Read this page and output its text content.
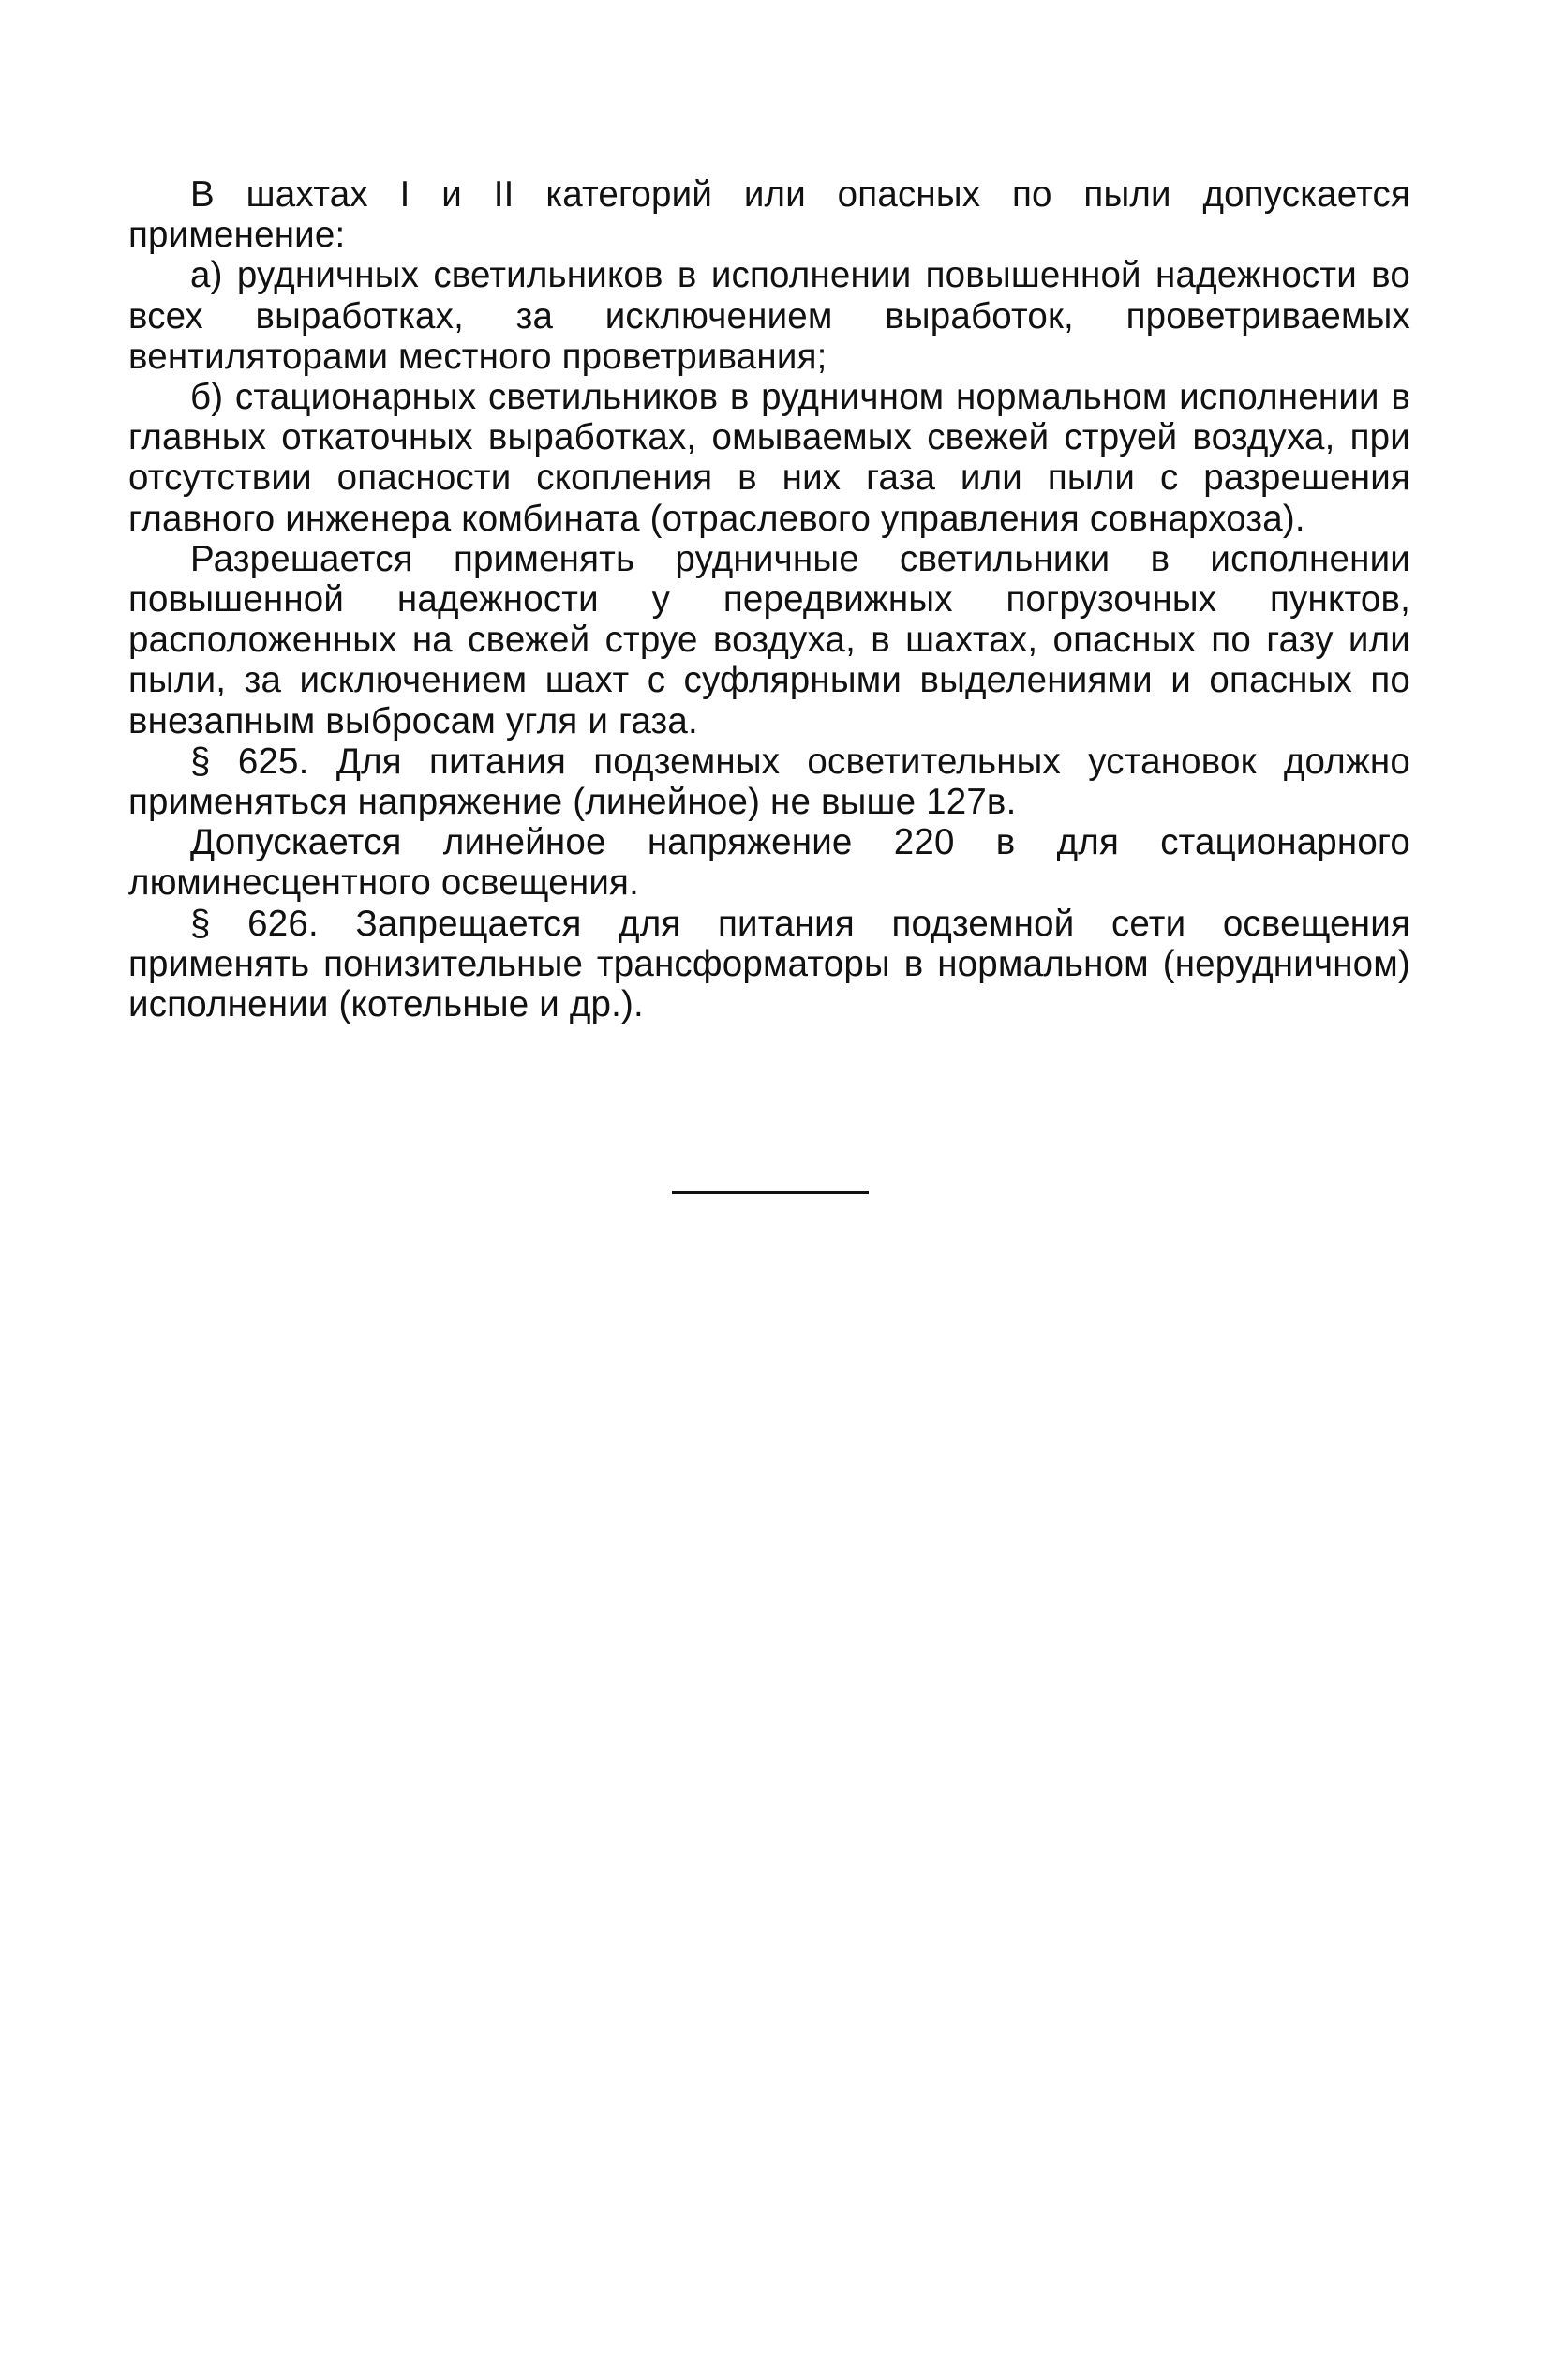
В шахтах I и II категорий или опасных по пыли допускается применение:

а) рудничных светильников в исполнении повышенной надежности во всех выработках, за исключением выработок, проветриваемых вентиляторами местного проветривания;

б) стационарных светильников в рудничном нормальном исполнении в главных откаточных выработках, омываемых свежей струей воздуха, при отсутствии опасности скопления в них газа или пыли с разрешения главного инженера комбината (отраслевого управления совнархоза).

Разрешается применять рудничные светильники в исполнении повышенной надежности у передвижных погрузочных пунктов, расположенных на свежей струе воздуха, в шахтах, опасных по газу или пыли, за исключением шахт с суфлярными выделениями и опасных по внезапным выбросам угля и газа.

§ 625. Для питания подземных осветительных установок должно применяться напряжение (линейное) не выше 127в.

Допускается линейное напряжение 220 в для стационарного люминесцентного освещения.

§ 626. Запрещается для питания подземной сети освещения применять понизительные трансформаторы в нормальном (нерудничном) исполнении (котельные и др.).
